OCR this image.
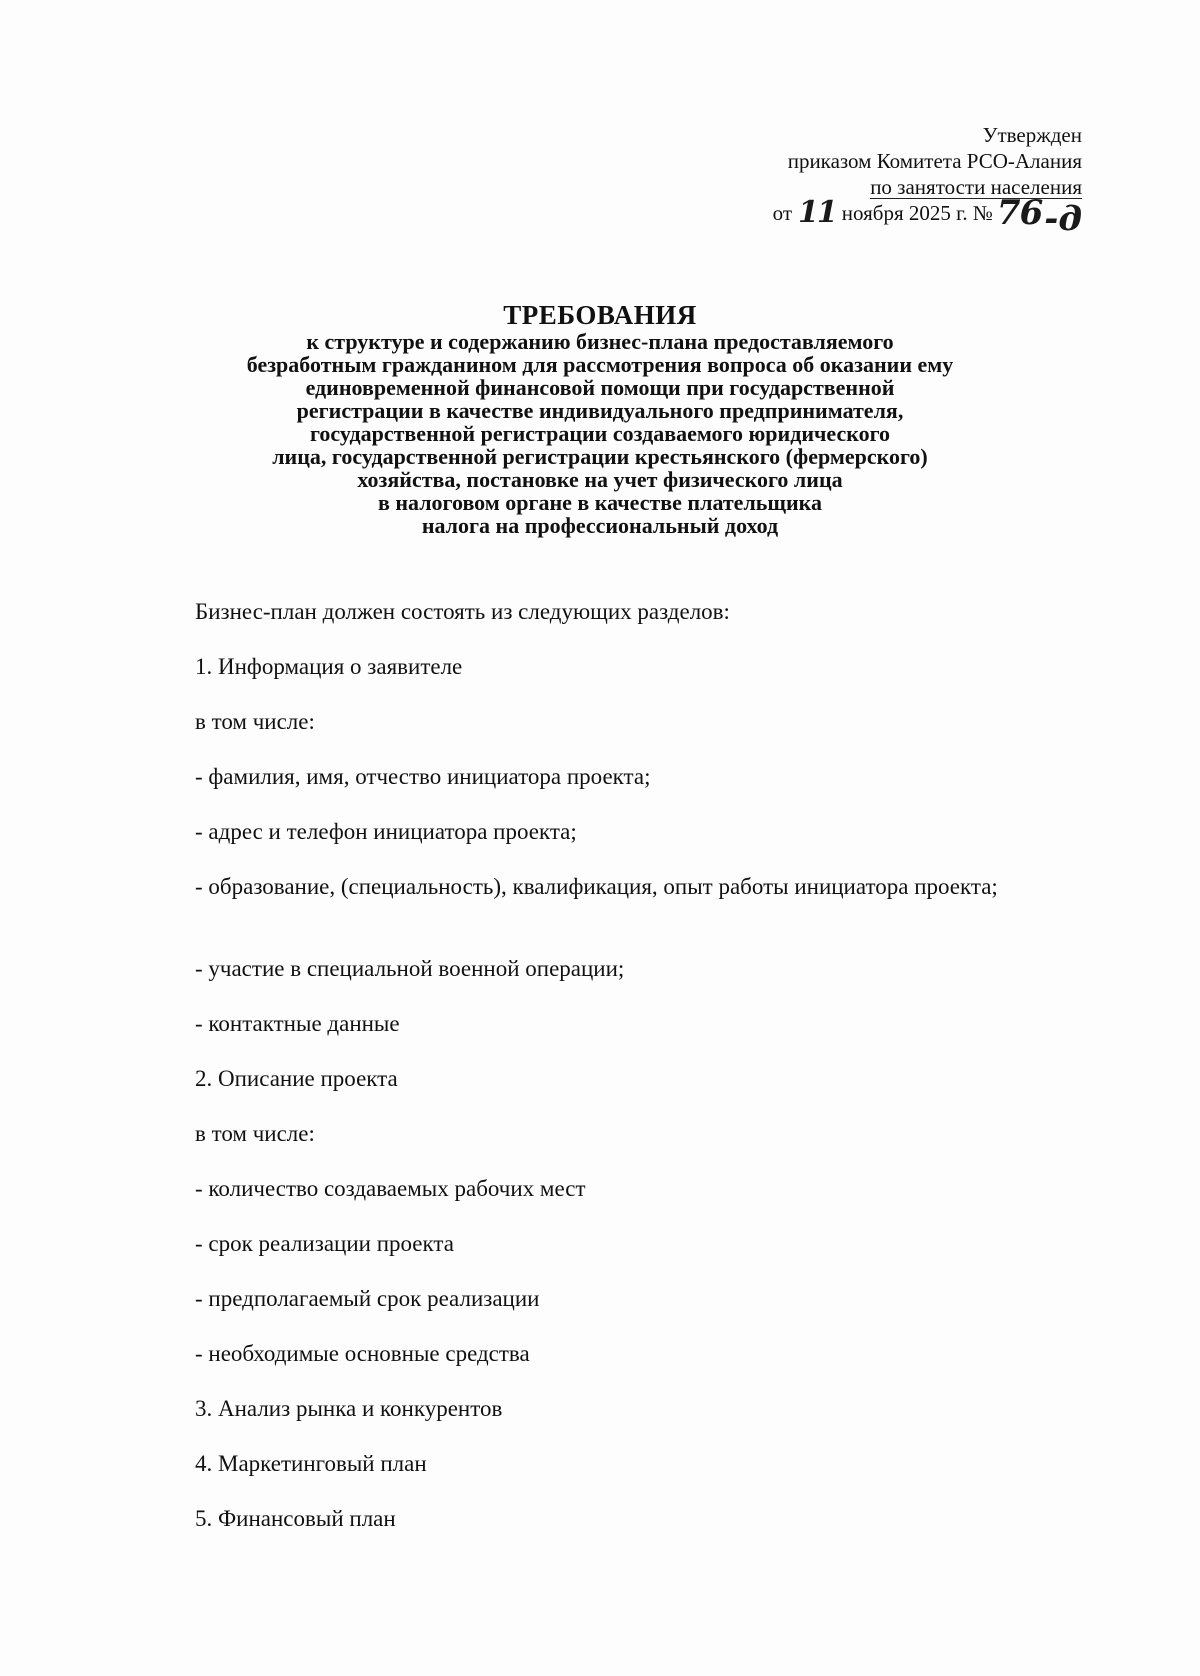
Утвержден
приказом Комитета РСО-Алания
по занятости населения
от 11 ноября 2025 г. № 76-д
ТРЕБОВАНИЯ
к структуре и содержанию бизнес-плана предоставляемого
безработным гражданином для рассмотрения вопроса об оказании ему
единовременной финансовой помощи при государственной
регистрации в качестве индивидуального предпринимателя,
государственной регистрации создаваемого юридического
лица, государственной регистрации крестьянского (фермерского)
хозяйства, постановке на учет физического лица
в налоговом органе в качестве плательщика
налога на профессиональный доход
Бизнес-план должен состоять из следующих разделов:
1. Информация о заявителе
в том числе:
- фамилия, имя, отчество инициатора проекта;
- адрес и телефон инициатора проекта;
- образование, (специальность), квалификация, опыт работы инициатора проекта;
- участие в специальной военной операции;
- контактные данные
2. Описание проекта
в том числе:
- количество создаваемых рабочих мест
- срок реализации проекта
- предполагаемый срок реализации
- необходимые основные средства
3. Анализ рынка и конкурентов
4. Маркетинговый план
5. Финансовый план
